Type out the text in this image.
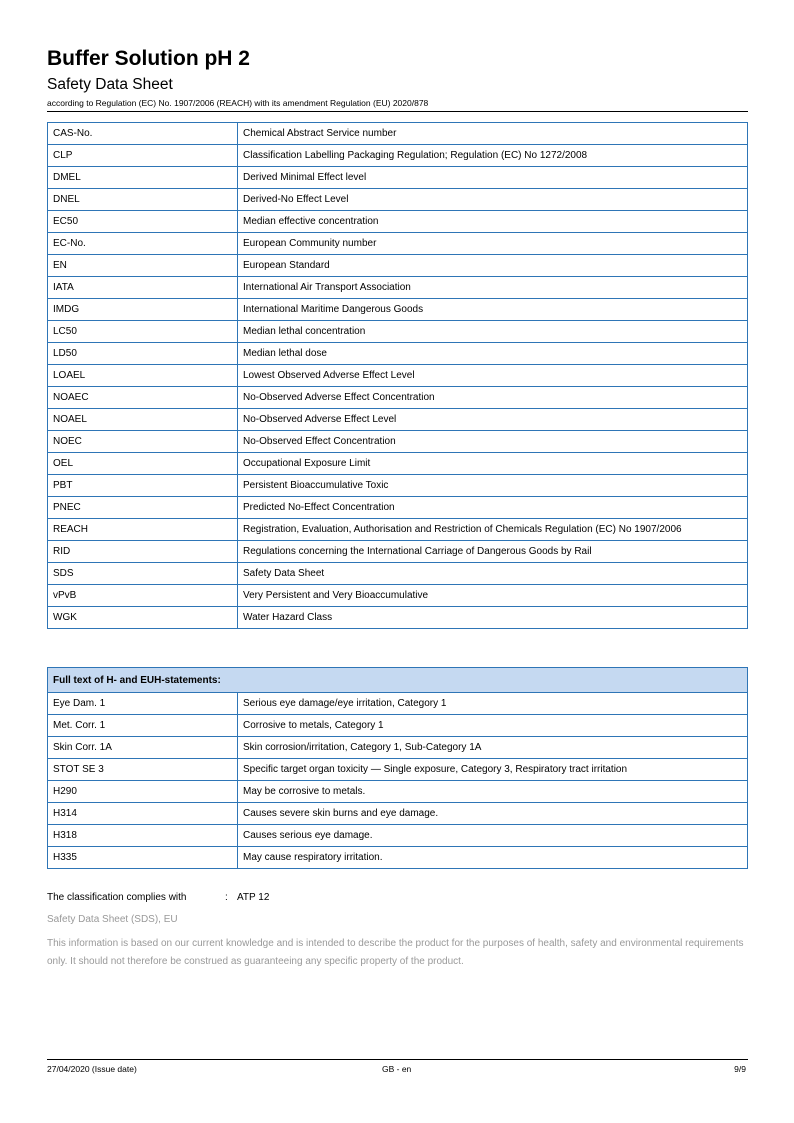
Buffer Solution pH 2
Safety Data Sheet
according to Regulation (EC) No. 1907/2006 (REACH) with its amendment Regulation (EU) 2020/878
CAS-No.	Chemical Abstract Service number
CLP	Classification Labelling Packaging Regulation; Regulation (EC) No 1272/2008
DMEL	Derived Minimal Effect level
DNEL	Derived-No Effect Level
EC50	Median effective concentration
EC-No.	European Community number
EN	European Standard
IATA	International Air Transport Association
IMDG	International Maritime Dangerous Goods
LC50	Median lethal concentration
LD50	Median lethal dose
LOAEL	Lowest Observed Adverse Effect Level
NOAEC	No-Observed Adverse Effect Concentration
NOAEL	No-Observed Adverse Effect Level
NOEC	No-Observed Effect Concentration
OEL	Occupational Exposure Limit
PBT	Persistent Bioaccumulative Toxic
PNEC	Predicted No-Effect Concentration
REACH	Registration, Evaluation, Authorisation and Restriction of Chemicals Regulation (EC) No 1907/2006
RID	Regulations concerning the International Carriage of Dangerous Goods by Rail
SDS	Safety Data Sheet
vPvB	Very Persistent and Very Bioaccumulative
WGK	Water Hazard Class
Full text of H- and EUH-statements:	
Eye Dam. 1	Serious eye damage/eye irritation, Category 1
Met. Corr. 1	Corrosive to metals, Category 1
Skin Corr. 1A	Skin corrosion/irritation, Category 1, Sub-Category 1A
STOT SE 3	Specific target organ toxicity — Single exposure, Category 3, Respiratory tract irritation
H290	May be corrosive to metals.
H314	Causes severe skin burns and eye damage.
H318	Causes serious eye damage.
H335	May cause respiratory irritation.
The classification complies with	: ATP 12
Safety Data Sheet (SDS), EU
This information is based on our current knowledge and is intended to describe the product for the purposes of health, safety and environmental requirements only. It should not therefore be construed as guaranteeing any specific property of the product.
27/04/2020 (Issue date)	GB - en	9/9
